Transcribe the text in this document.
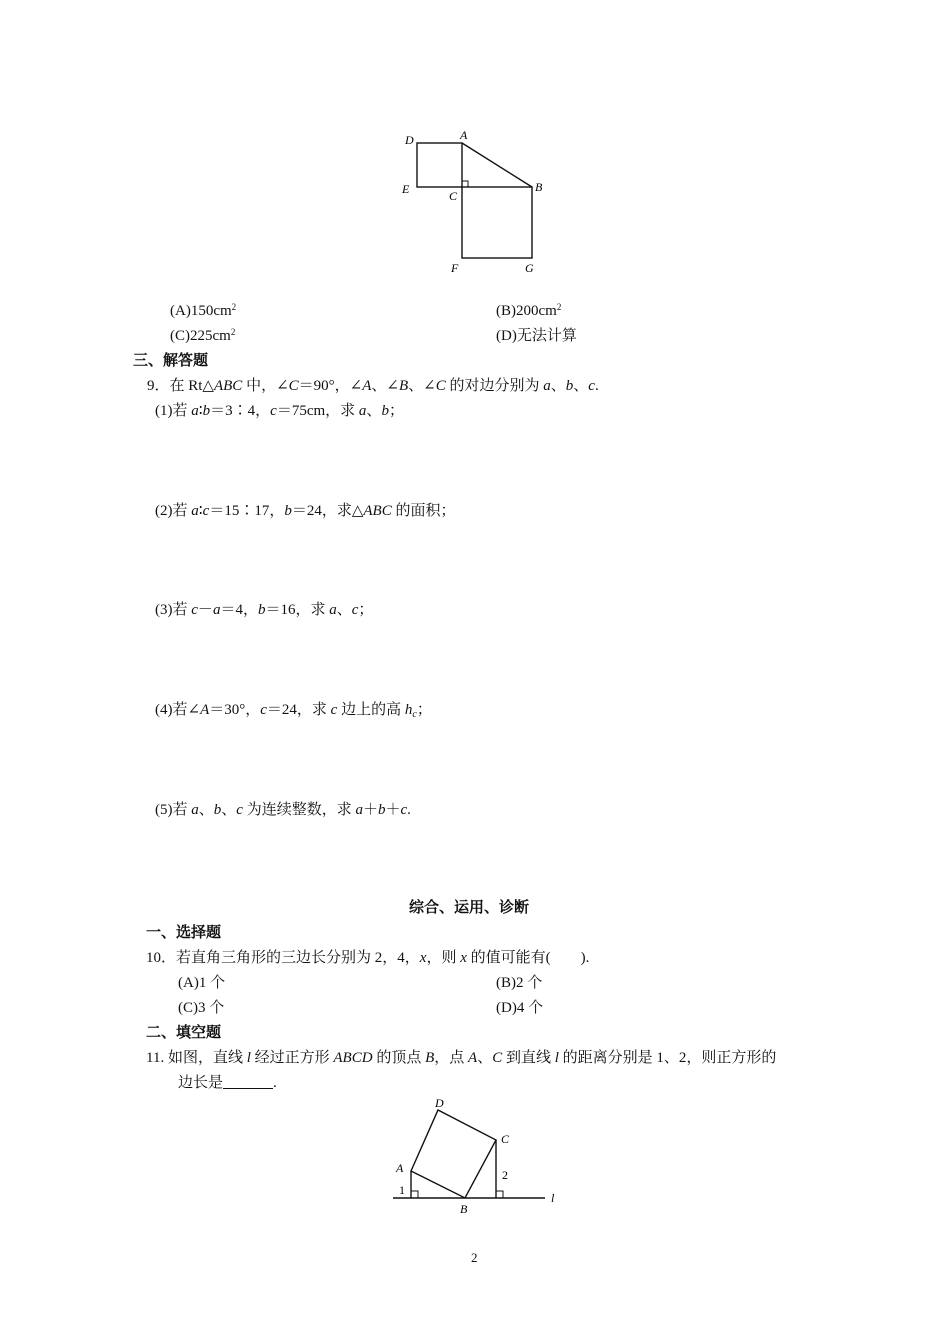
D	A
E	C
B
F	G
$(A)150cm^2$	$(B)200cm^2$
$(C)225cm^2$	(D)无法计算
三、解答题
9．在 Rt△ABC 中，∠C＝90°，∠A、∠B、∠C 的对边分别为 a、b、c.
(1)若 a∶b＝3∶4，c＝75cm，求 a、b；
(2)若 a∶c＝15∶17，b＝24，求△ABC 的面积；
(3)若 c－a＝4，b＝16，求 a、c；
(4)若∠A＝30°，c＝24，求 c 边上的高 $h_c$；
(5)若 a、b、c 为连续整数，求 a＋b＋c.
综合、运用、诊断
一、选择题
10．若直角三角形的三边长分别为 2，4，x，则 x 的值可能有(　　).
(A)1 个	(B)2 个
(C)3 个	(D)4 个
二、填空题
11. 如图，直线 l 经过正方形 ABCD 的顶点 B，点 A、C 到直线 l 的距离分别是 1、2，则正方形的
边长是	.
D
C
A
B
l
1
2
2
